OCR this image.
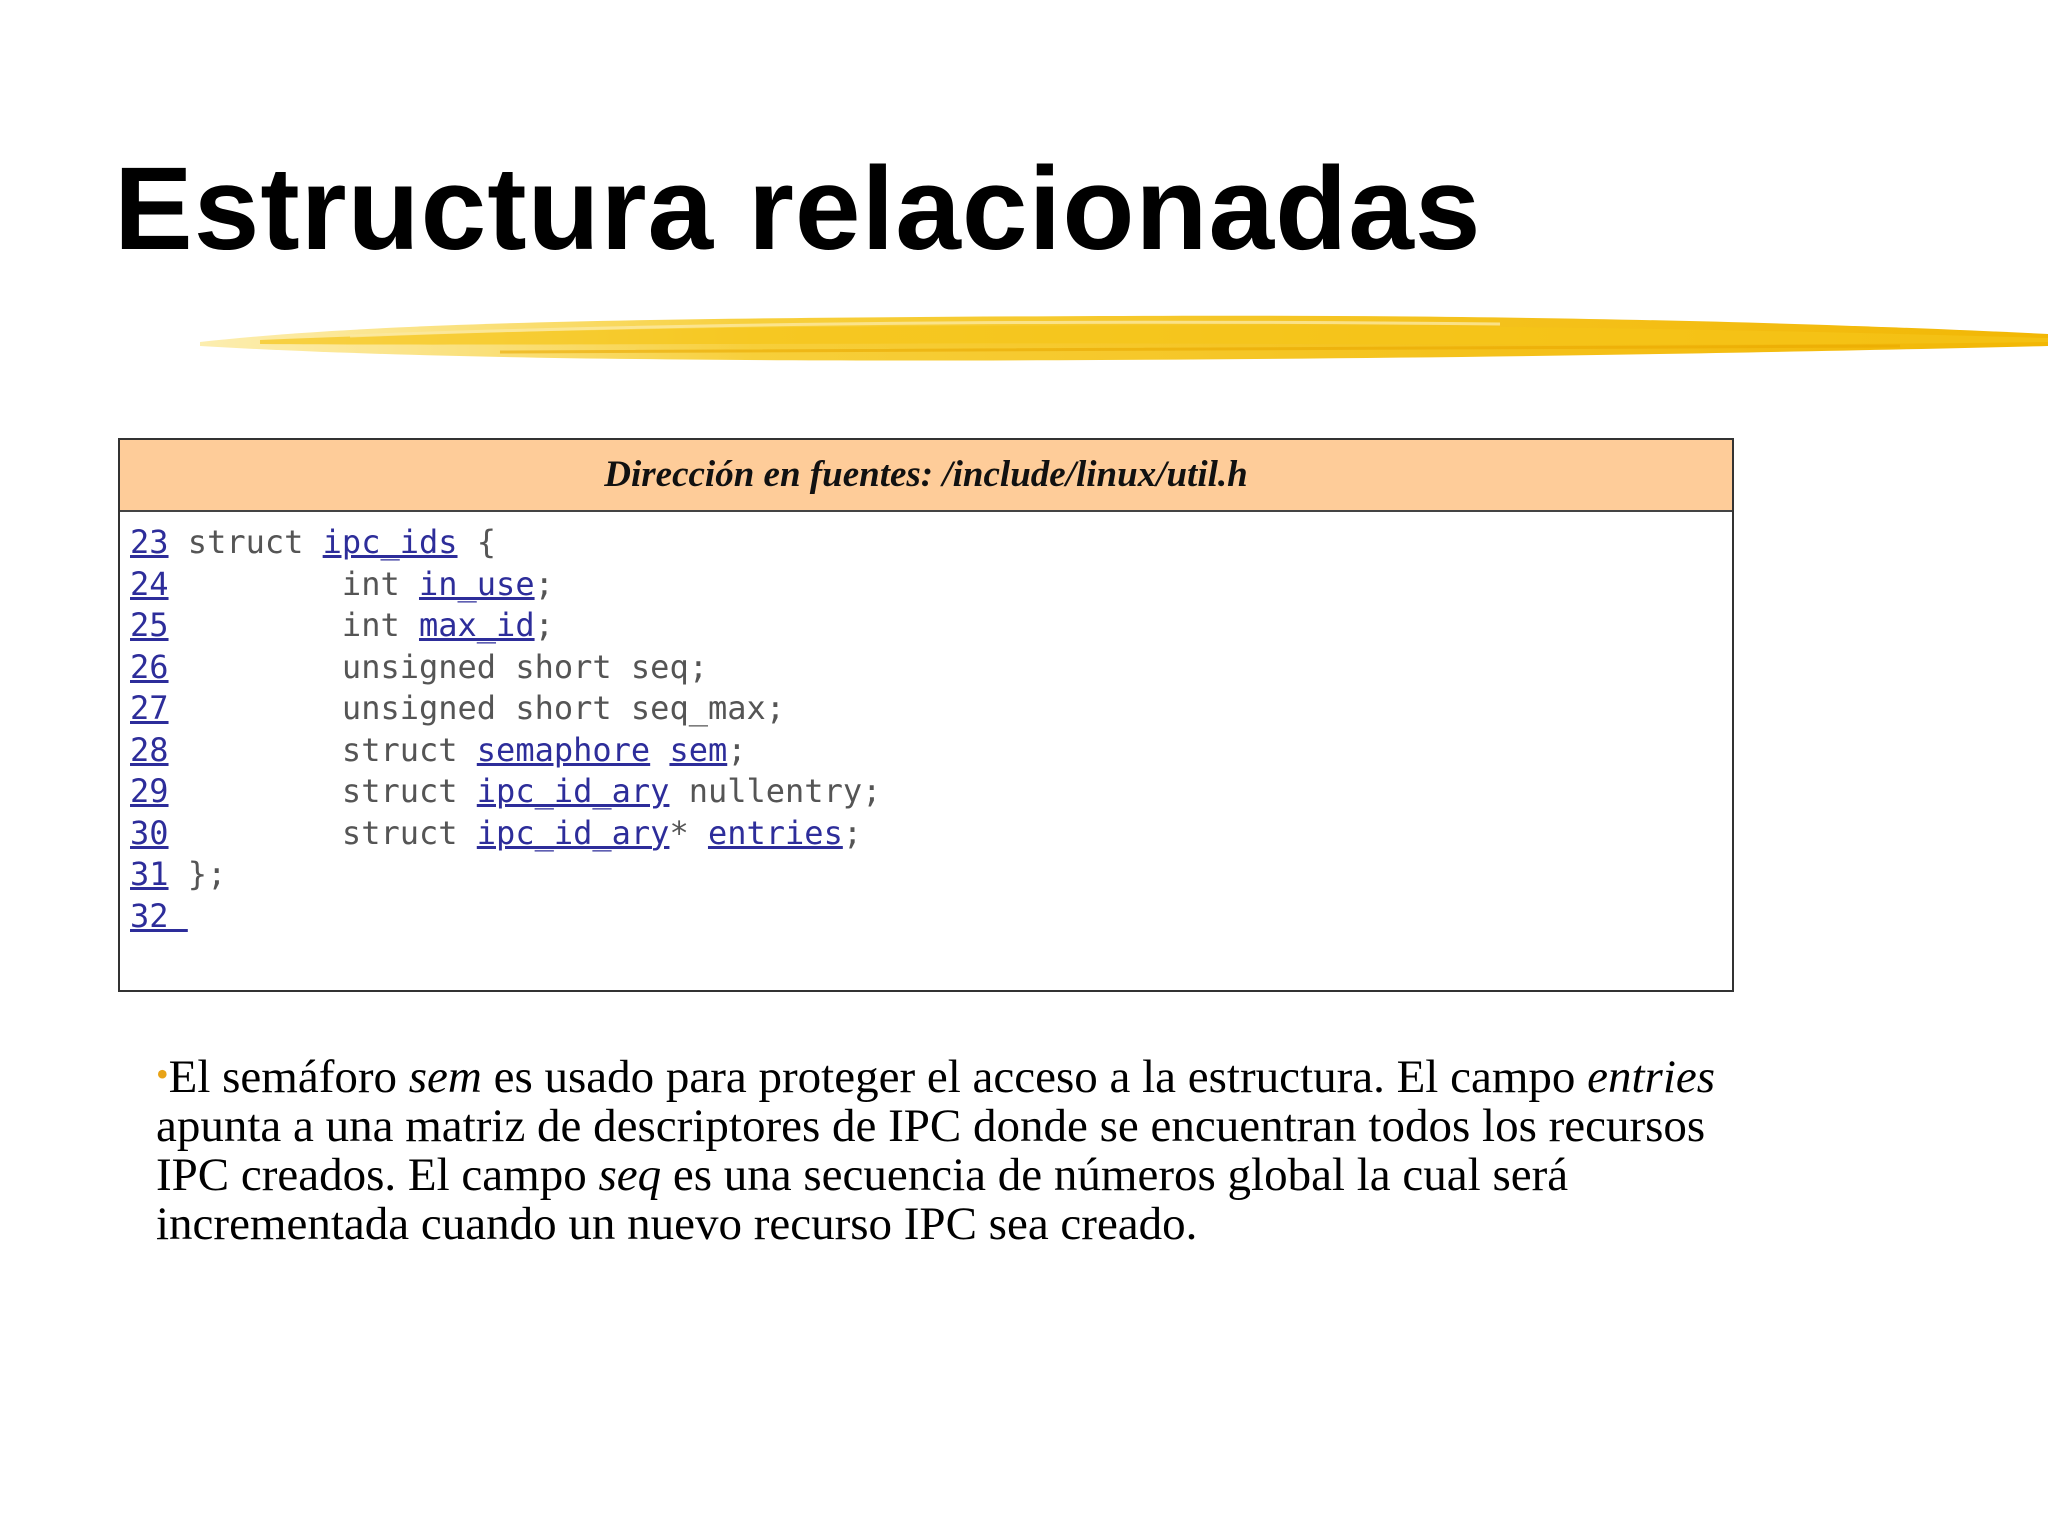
Estructura relacionadas
Dirección en fuentes: /include/linux/util.h
23 struct ipc_ids {
24         int in_use;
25         int max_id;
26         unsigned short seq;
27         unsigned short seq_max;
28         struct semaphore sem;
29         struct ipc_id_ary nullentry;
30         struct ipc_id_ary* entries;
31 };
32

•El semáforo sem es usado para proteger el acceso a la estructura. El campo entries apunta a una matriz de descriptores de IPC donde se encuentran todos los recursos IPC creados. El campo seq es una secuencia de números global la cual será incrementada cuando un nuevo recurso IPC sea creado.
